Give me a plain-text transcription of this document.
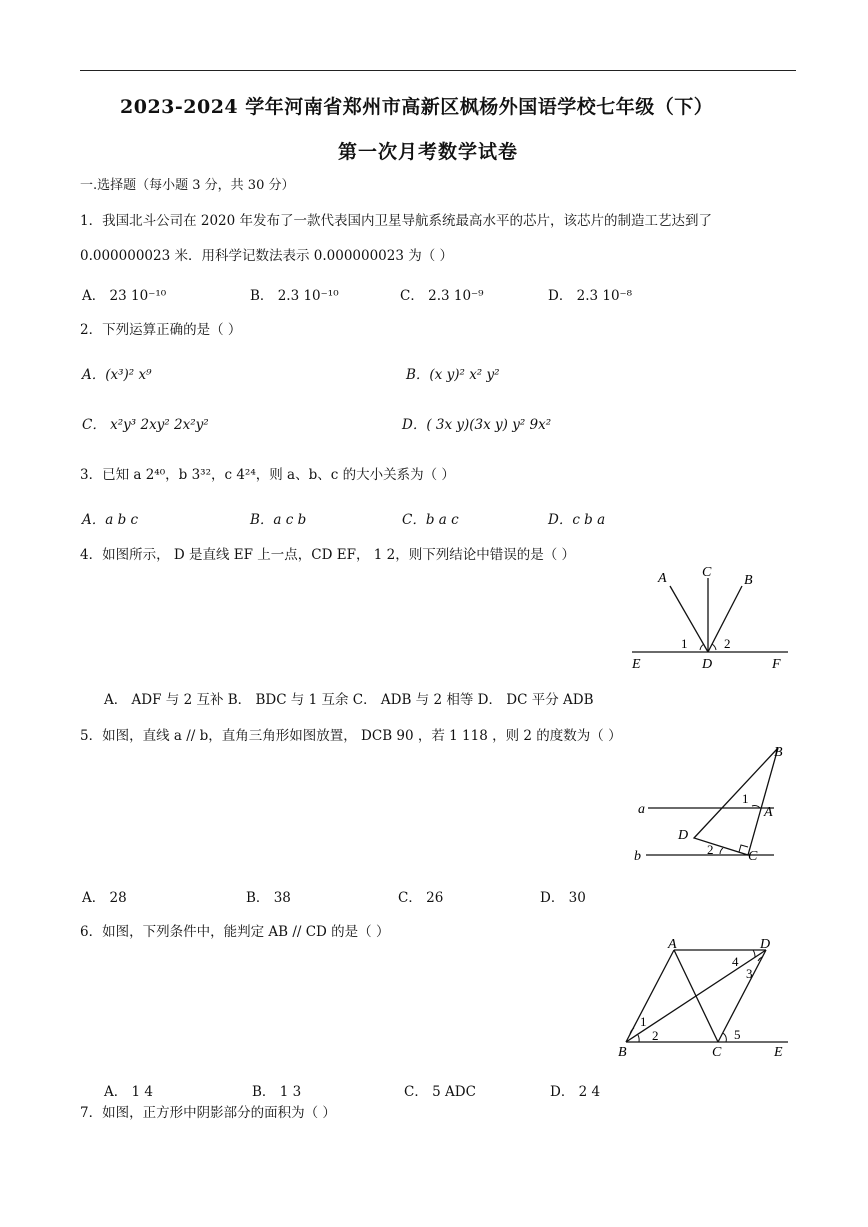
2023-2024 学年河南省郑州市高新区枫杨外国语学校七年级（下）
第一次月考数学试卷
一.选择题（每小题 3 分，共 30 分）
1．我国北斗公司在 2020 年发布了一款代表国内卫星导航系统最高水平的芯片，该芯片的制造工艺达到了
0.000000023 米．用科学记数法表示 0.000000023 为（ ）
A． 23 10⁻¹⁰	B． 2.3 10⁻¹⁰	C． 2.3 10⁻⁹	D． 2.3 10⁻⁸
2．下列运算正确的是（ ）
A．(x³)² x⁹	B．(x y)² x² y²
C． x²y³ 2xy² 2x²y²	D．( 3x y)(3x y) y² 9x²
3．已知 a 2⁴⁰，b 3³²，c 4²⁴，则 a、b、c 的大小关系为（ ）
A．a b c	B．a c b	C．b a c	D．c b a
4．如图所示， D 是直线 EF 上一点，CD EF， 1 2，则下列结论中错误的是（ ）
A	C
B
1	2
E	D	F
A． ADF 与 2 互补 B． BDC 与 1 互余 C． ADB 与 2 相等 D． DC 平分 ADB
5．如图，直线 a // b，直角三角形如图放置， DCB 90 ，若 1 118 ，则 2 的度数为（ ）
B
a
1
A
D
b	2 C
A． 28	B． 38	C． 26	D． 30
6．如图，下列条件中，能判定 AB // CD 的是（ ）
A	D
4
3
1
2	5
B	C	E
A． 1 4	B． 1 3	C． 5 ADC	D． 2 4
7．如图，正方形中阴影部分的面积为（ ）
